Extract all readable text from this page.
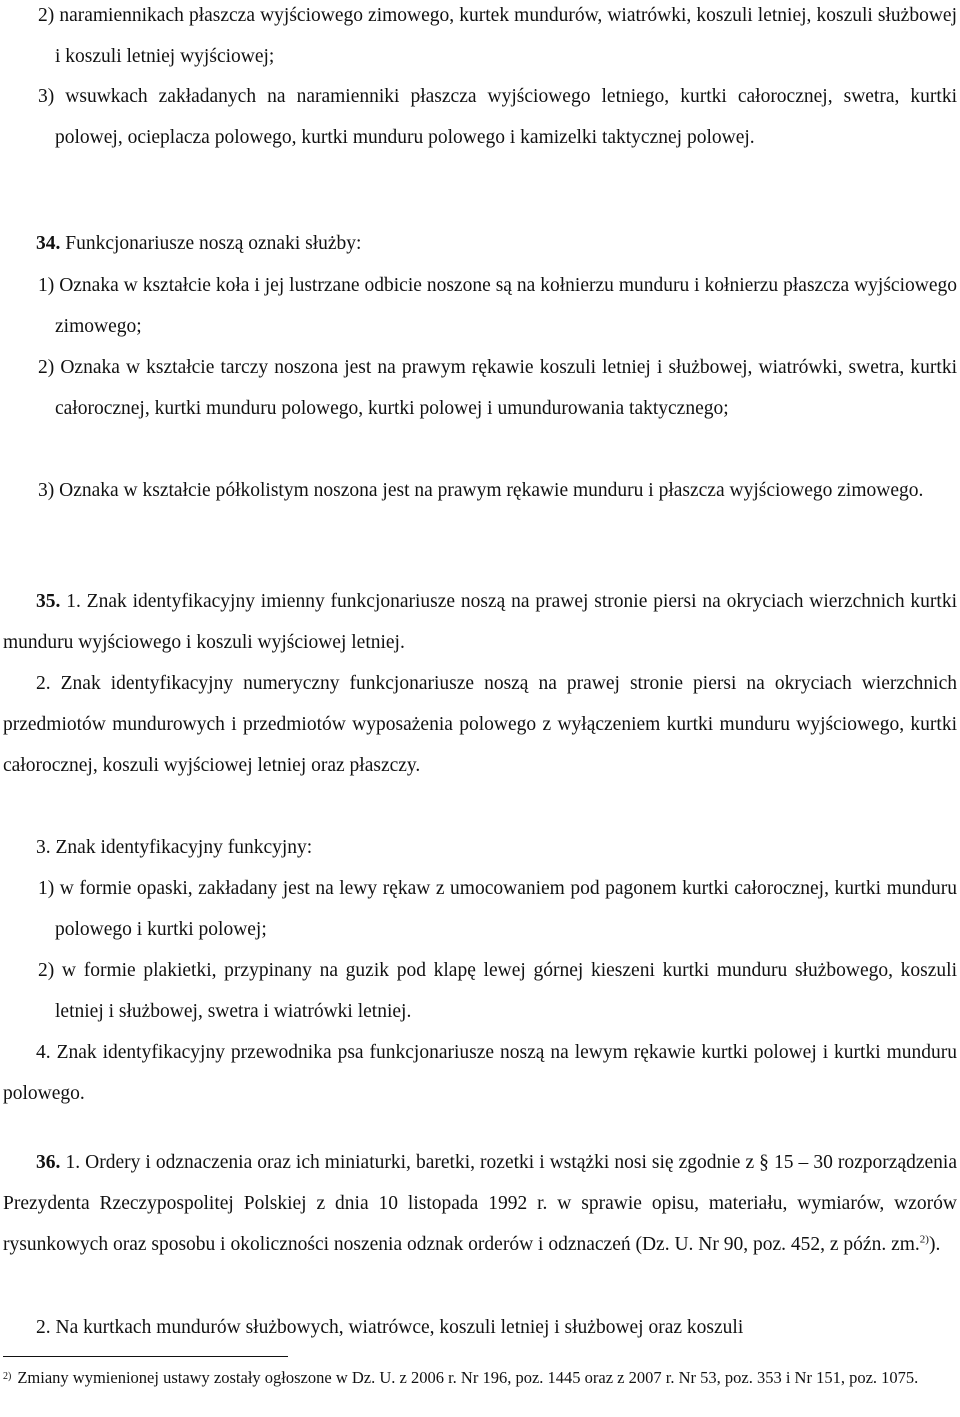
2) naramiennikach płaszcza wyjściowego zimowego, kurtek mundurów, wiatrówki, koszuli letniej, koszuli służbowej i koszuli letniej wyjściowej;

3) wsuwkach zakładanych na naramienniki płaszcza wyjściowego letniego, kurtki całorocznej, swetra, kurtki polowej, ocieplacza polowego, kurtki munduru polowego i kamizelki taktycznej polowej.

34. Funkcjonariusze noszą oznaki służby:

1) Oznaka w kształcie koła i jej lustrzane odbicie noszone są na kołnierzu munduru i kołnierzu płaszcza wyjściowego zimowego;

2) Oznaka w kształcie tarczy noszona jest na prawym rękawie koszuli letniej i służbowej, wiatrówki, swetra, kurtki całorocznej, kurtki munduru polowego, kurtki polowej i umundurowania taktycznego;

3) Oznaka w kształcie półkolistym noszona jest na prawym rękawie munduru i płaszcza wyjściowego zimowego.

35. 1. Znak identyfikacyjny imienny funkcjonariusze noszą na prawej stronie piersi na okryciach wierzchnich kurtki munduru wyjściowego i koszuli wyjściowej letniej.

2. Znak identyfikacyjny numeryczny funkcjonariusze noszą na prawej stronie piersi na okryciach wierzchnich przedmiotów mundurowych i przedmiotów wyposażenia polowego z wyłączeniem kurtki munduru wyjściowego, kurtki całorocznej, koszuli wyjściowej letniej oraz płaszczy.

3. Znak identyfikacyjny funkcyjny:

1) w formie opaski, zakładany jest na lewy rękaw z umocowaniem pod pagonem kurtki całorocznej, kurtki munduru polowego i kurtki polowej;

2) w formie plakietki, przypinany na guzik pod klapę lewej górnej kieszeni kurtki munduru służbowego, koszuli letniej i służbowej, swetra i wiatrówki letniej.

4. Znak identyfikacyjny przewodnika psa funkcjonariusze noszą na lewym rękawie kurtki polowej i kurtki munduru polowego.

36. 1. Ordery i odznaczenia oraz ich miniaturki, baretki, rozetki i wstążki nosi się zgodnie z § 15 – 30 rozporządzenia Prezydenta Rzeczypospolitej Polskiej z dnia 10 listopada 1992 r. w sprawie opisu, materiału, wymiarów, wzorów rysunkowych oraz sposobu i okoliczności noszenia odznak orderów i odznaczeń (Dz. U. Nr 90, poz. 452, z późn. zm.$^{2)}$).

2. Na kurtkach mundurów służbowych, wiatrówce, koszuli letniej i służbowej oraz koszuli

$^{2)}$ Zmiany wymienionej ustawy zostały ogłoszone w Dz. U. z 2006 r. Nr 196, poz. 1445 oraz z 2007 r. Nr 53, poz. 353 i Nr 151, poz. 1075.
